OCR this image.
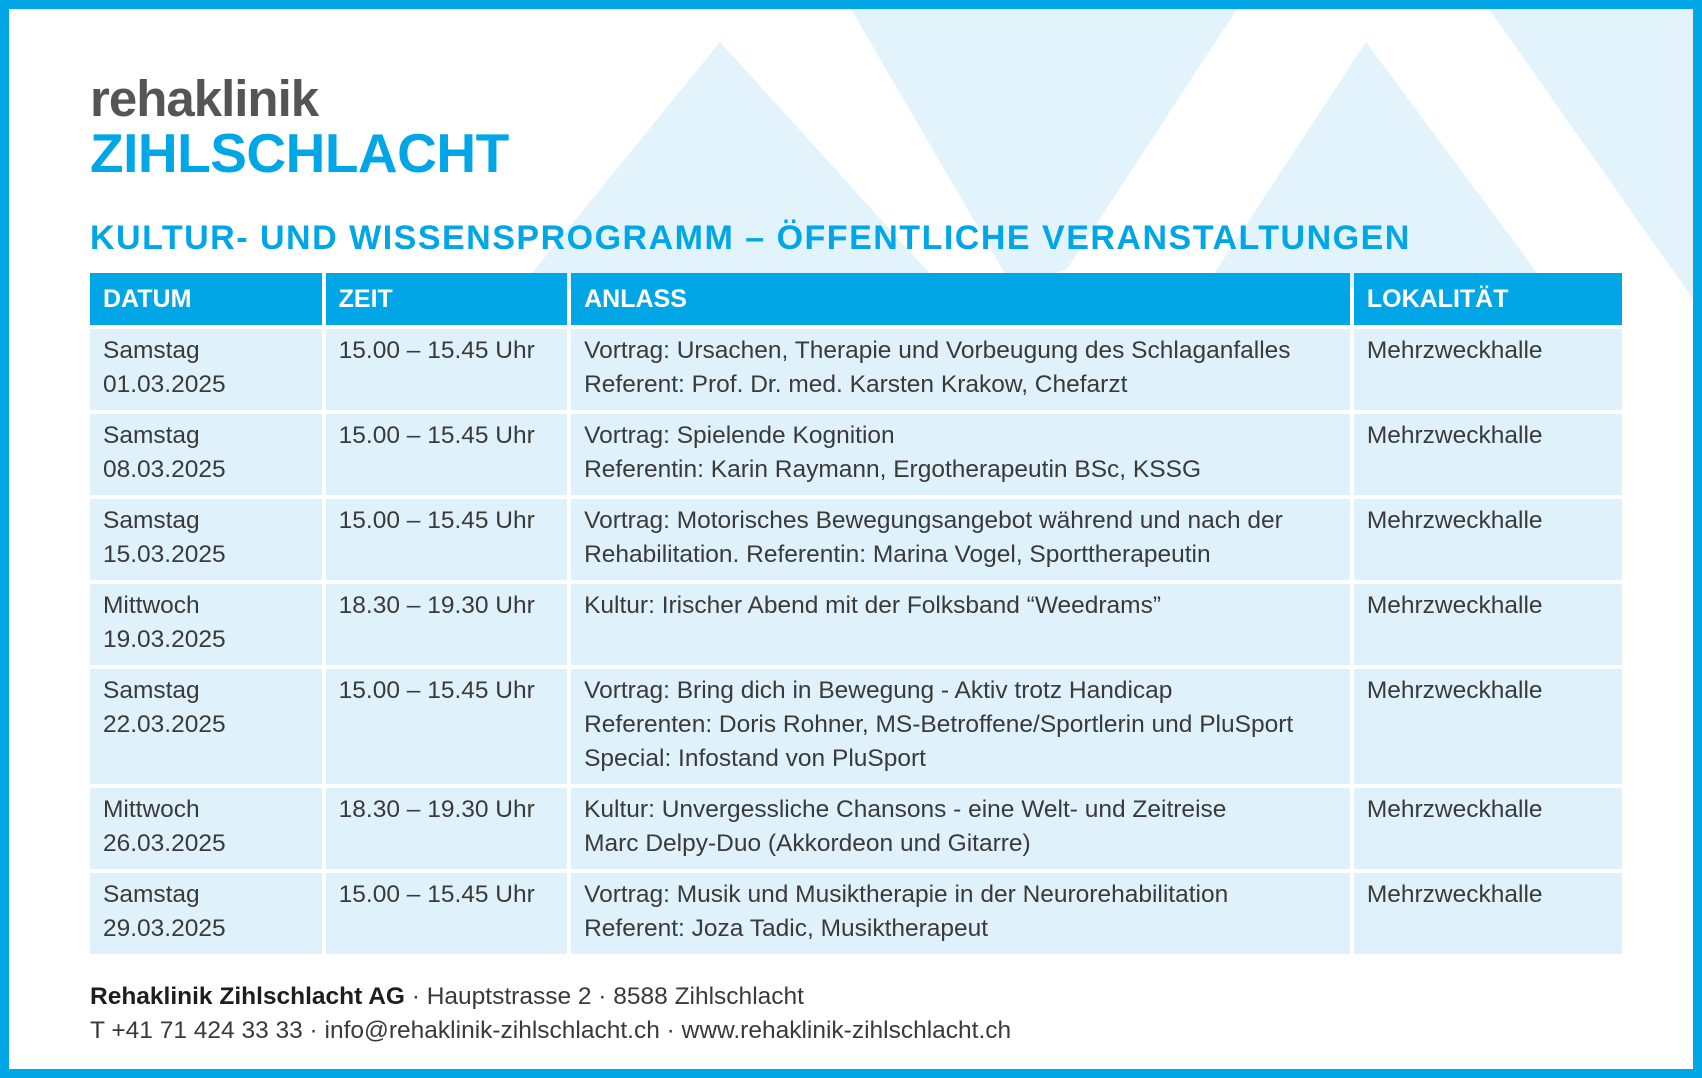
rehaklinik
ZIHLSCHLACHT
KULTUR- UND WISSENSPROGRAMM – ÖFFENTLICHE VERANSTALTUNGEN
DATUM	ZEIT	ANLASS	LOKALITÄT

Samstag
01.03.2025	15.00 – 15.45 Uhr	Vortrag: Ursachen, Therapie und Vorbeugung des Schlaganfalles
Referent: Prof. Dr. med. Karsten Krakow, Chefarzt	Mehrzweckhalle

Samstag
08.03.2025	15.00 – 15.45 Uhr	Vortrag: Spielende Kognition
Referentin: Karin Raymann, Ergotherapeutin BSc, KSSG	Mehrzweckhalle

Samstag
15.03.2025	15.00 – 15.45 Uhr	Vortrag: Motorisches Bewegungsangebot während und nach der
Rehabilitation. Referentin: Marina Vogel, Sporttherapeutin	Mehrzweckhalle

Mittwoch
19.03.2025	18.30 – 19.30 Uhr	Kultur: Irischer Abend mit der Folksband “Weedrams”	Mehrzweckhalle

Samstag
22.03.2025	15.00 – 15.45 Uhr	Vortrag: Bring dich in Bewegung - Aktiv trotz Handicap
Referenten: Doris Rohner, MS-Betroffene/Sportlerin und PluSport
Special: Infostand von PluSport	Mehrzweckhalle

Mittwoch
26.03.2025	18.30 – 19.30 Uhr	Kultur: Unvergessliche Chansons - eine Welt- und Zeitreise
Marc Delpy-Duo (Akkordeon und Gitarre)	Mehrzweckhalle

Samstag
29.03.2025	15.00 – 15.45 Uhr	Vortrag: Musik und Musiktherapie in der Neurorehabilitation
Referent: Joza Tadic, Musiktherapeut	Mehrzweckhalle
Rehaklinik Zihlschlacht AG · Hauptstrasse 2 · 8588 Zihlschlacht
T +41 71 424 33 33 · info@rehaklinik-zihlschlacht.ch · www.rehaklinik-zihlschlacht.ch
